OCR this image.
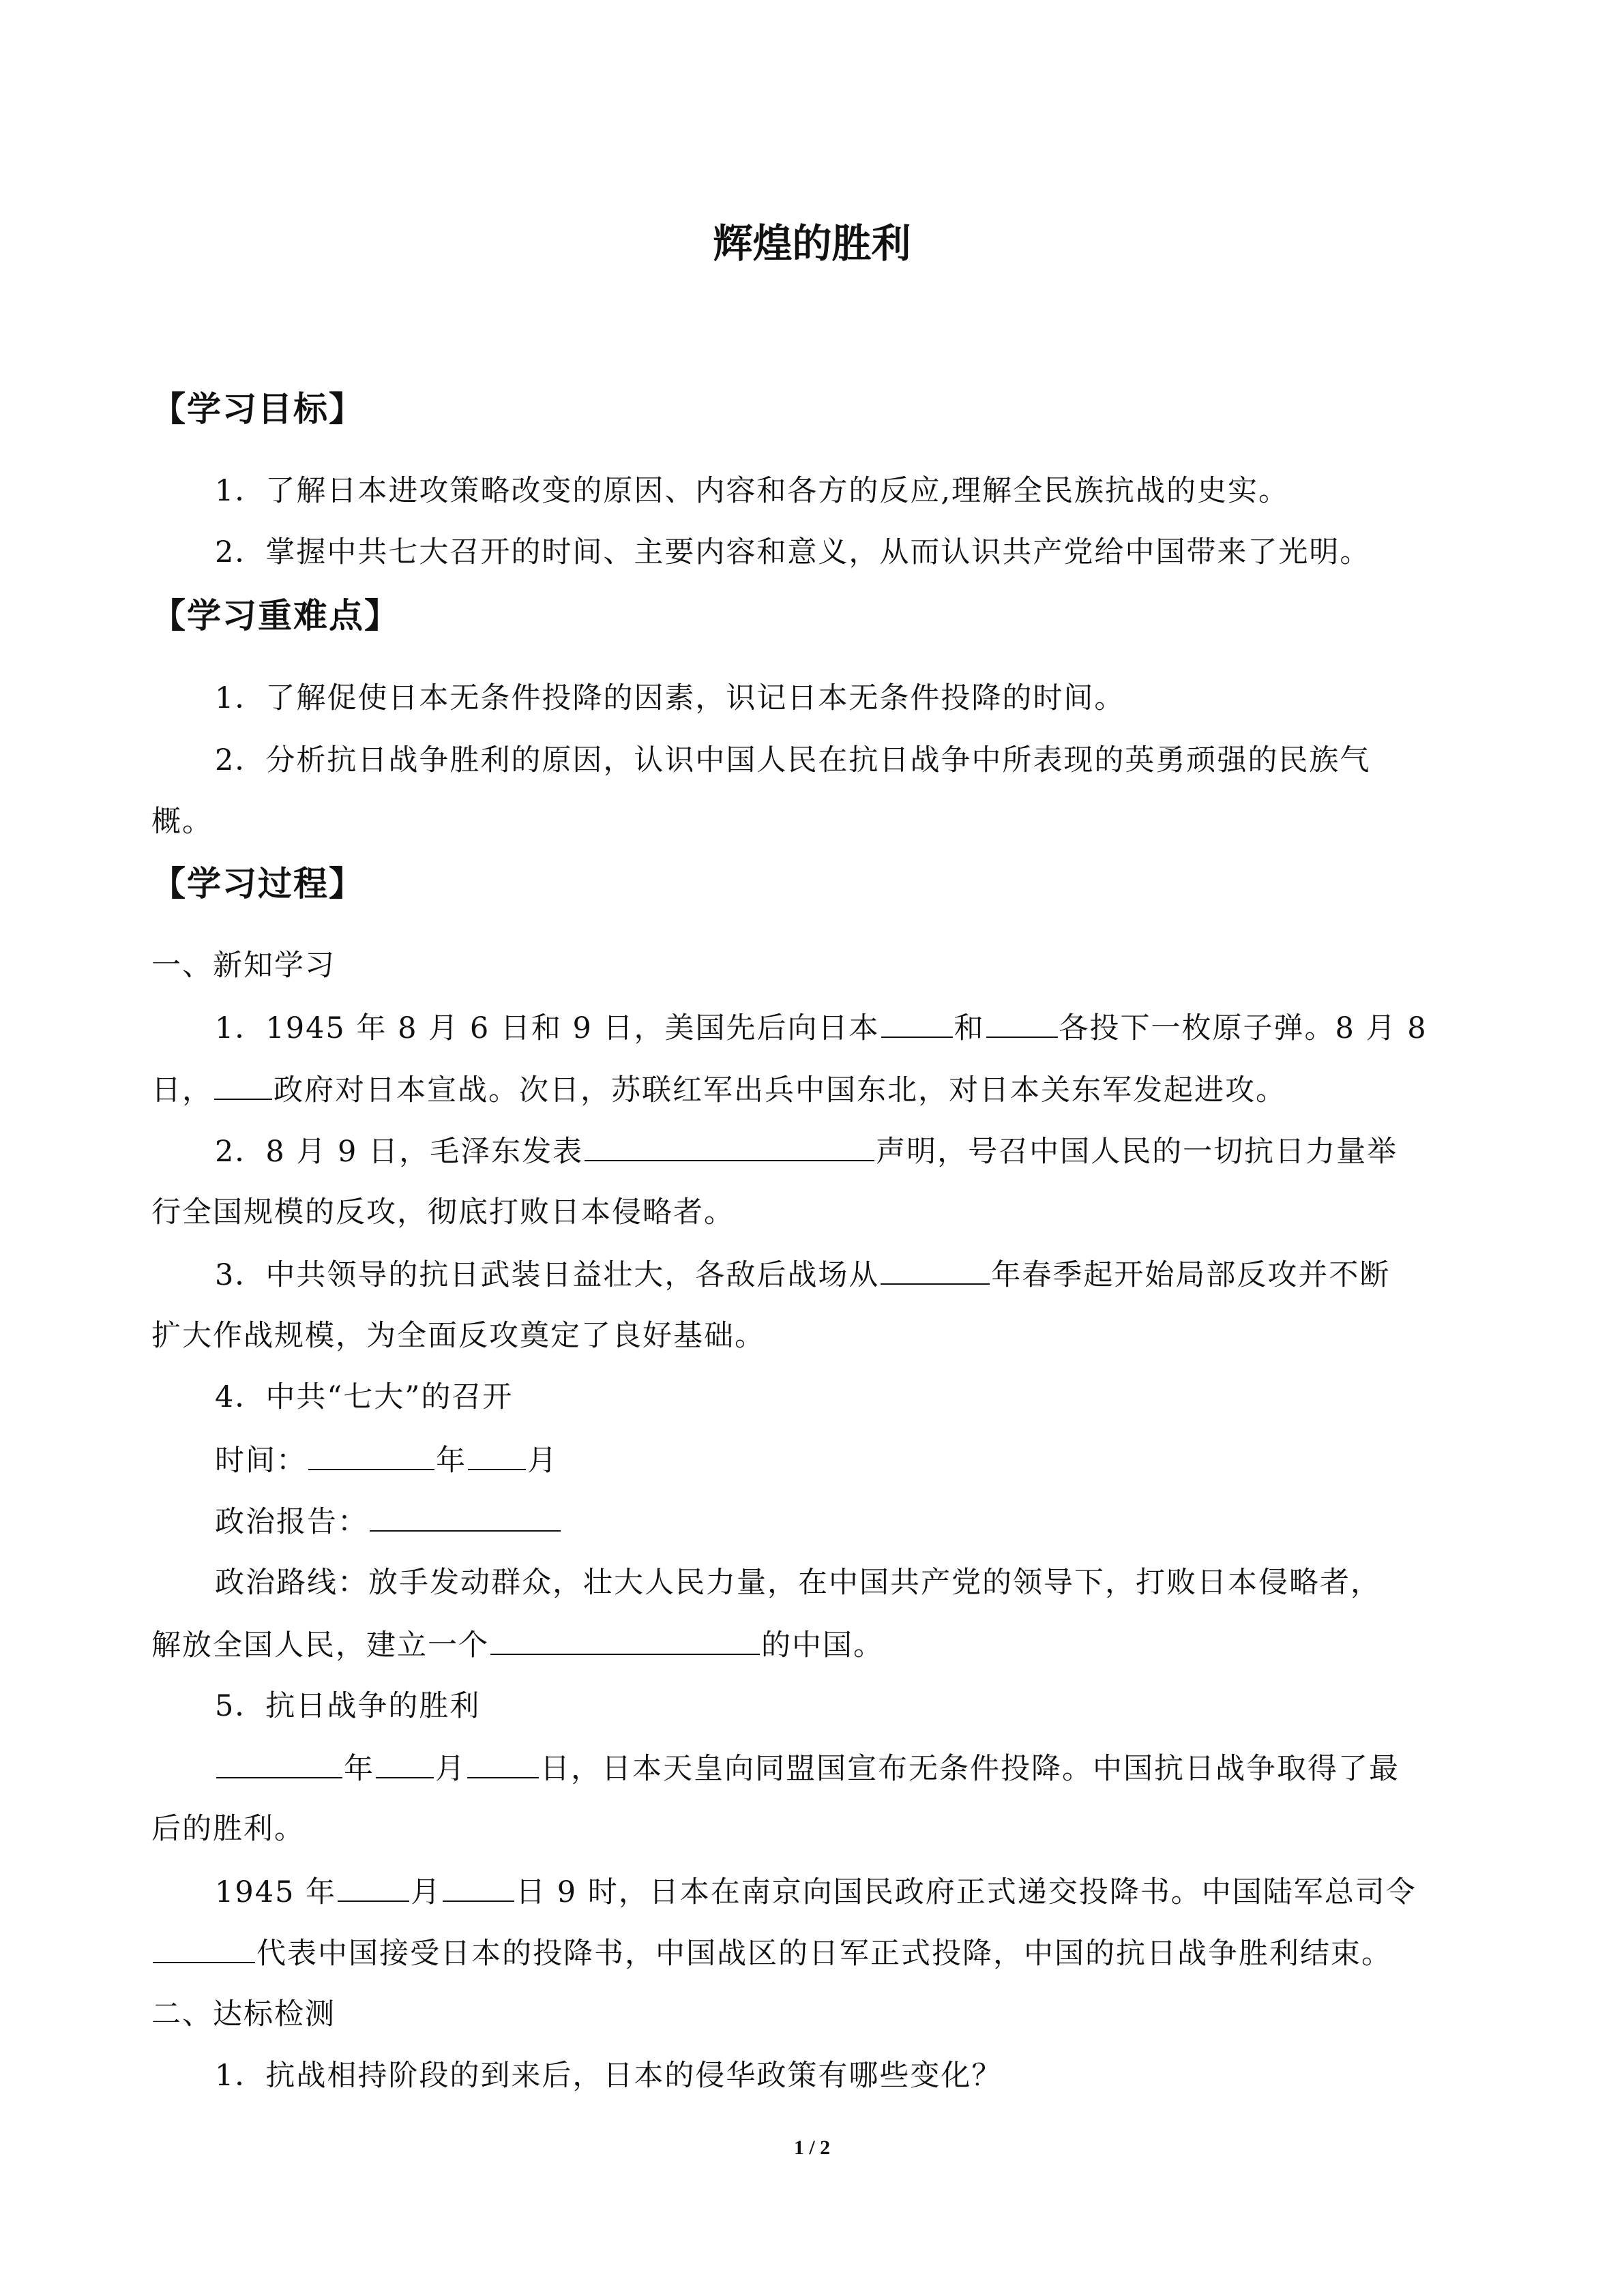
辉煌的胜利
【学习目标】
1．了解日本进攻策略改变的原因、内容和各方的反应,理解全民族抗战的史实。
2．掌握中共七大召开的时间、主要内容和意义，从而认识共产党给中国带来了光明。
【学习重难点】
1．了解促使日本无条件投降的因素，识记日本无条件投降的时间。
2．分析抗日战争胜利的原因，认识中国人民在抗日战争中所表现的英勇顽强的民族气
概。
【学习过程】
一、新知学习
1．1945 年 8 月 6 日和 9 日，美国先后向日本	和	各投下一枚原子弹。8 月 8
日， 政府对日本宣战。次日，苏联红军出兵中国东北，对日本关东军发起进攻。
2．8 月 9 日，毛泽东发表	声明，号召中国人民的一切抗日力量举
行全国规模的反攻，彻底打败日本侵略者。
3．中共领导的抗日武装日益壮大，各敌后战场从	年春季起开始局部反攻并不断
扩大作战规模，为全面反攻奠定了良好基础。
4．中共“七大”的召开
时间：	年 月
政治报告：
政治路线：放手发动群众，壮大人民力量，在中国共产党的领导下，打败日本侵略者，
解放全国人民，建立一个	的中国。
5．抗日战争的胜利
年 月	日，日本天皇向同盟国宣布无条件投降。中国抗日战争取得了最
后的胜利。
1945 年	月	日 9 时，日本在南京向国民政府正式递交投降书。中国陆军总司令
代表中国接受日本的投降书，中国战区的日军正式投降，中国的抗日战争胜利结束。
二、达标检测
1．抗战相持阶段的到来后，日本的侵华政策有哪些变化？
1 / 2
